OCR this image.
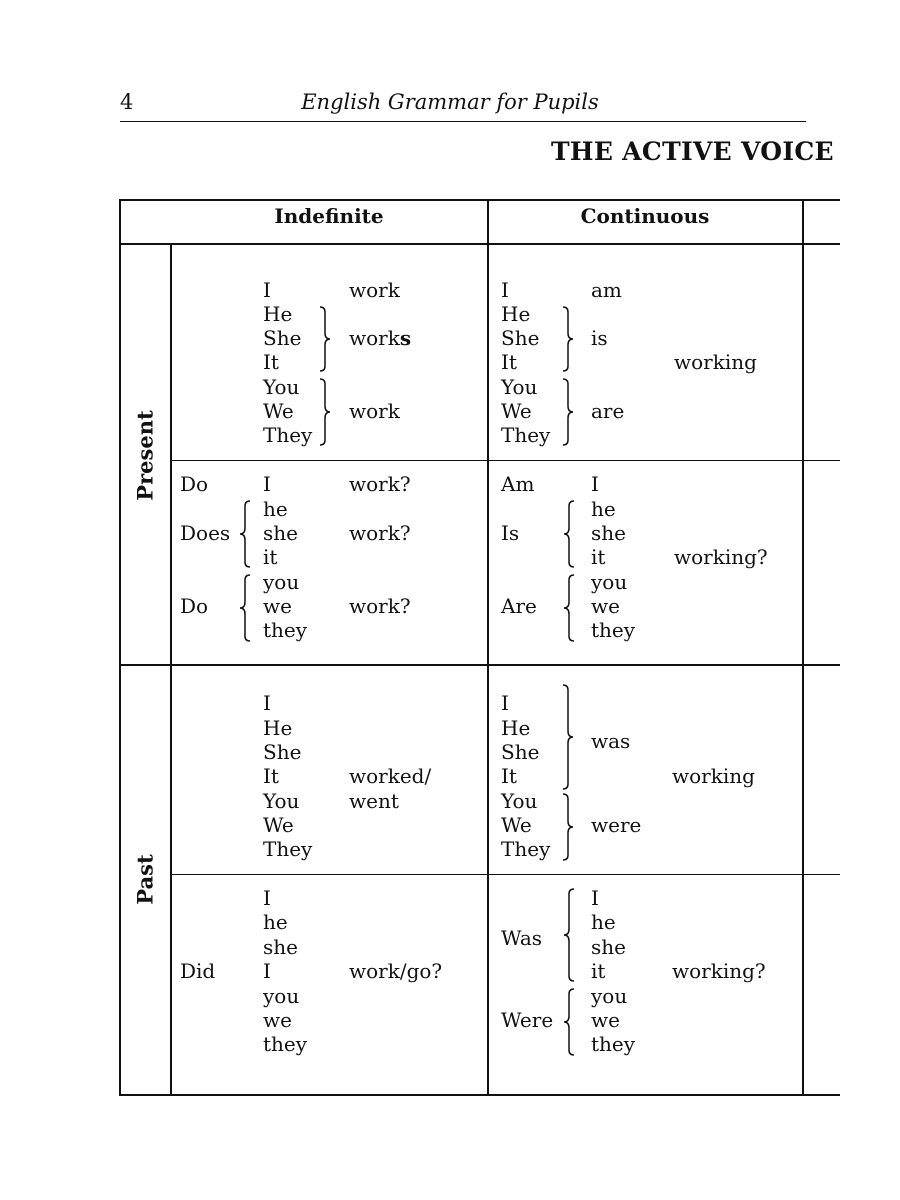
4	English Grammar for Pupils
THE ACTIVE VOICE
Indefinite	Continuous
Present
Past
I
He
She
It
You
We
They
work
works
work
I
He
She
It
You
We
They
am
is
are
working
Do
Does
Do
I
he
she
it
you
we
they
work?
work?
work?
Am
Is
Are
I
he
she
it
you
we
they
working?
I
He
She
It
You
We
They
worked/
went
I
He
She
It
You
We
They
was
were
working
Did
I
he
she
I
you
we
they
work/go?
Was
Were
I
he
she
it
you
we
they
working?
